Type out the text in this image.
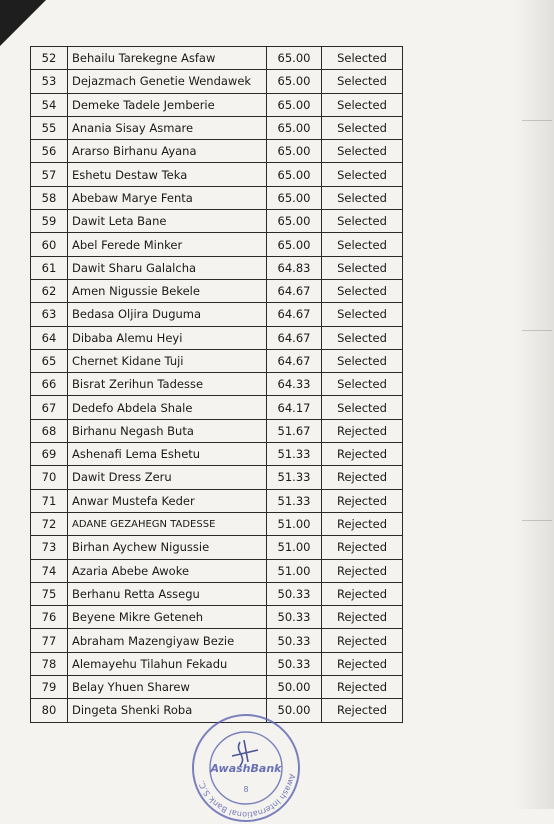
52	Behailu Tarekegne Asfaw	65.00	Selected
53	Dejazmach Genetie Wendawek	65.00	Selected
54	Demeke Tadele Jemberie	65.00	Selected
55	Anania Sisay Asmare	65.00	Selected
56	Ararso Birhanu Ayana	65.00	Selected
57	Eshetu Destaw Teka	65.00	Selected
58	Abebaw Marye Fenta	65.00	Selected
59	Dawit Leta Bane	65.00	Selected
60	Abel Ferede Minker	65.00	Selected
61	Dawit Sharu Galalcha	64.83	Selected
62	Amen Nigussie Bekele	64.67	Selected
63	Bedasa Oljira Duguma	64.67	Selected
64	Dibaba Alemu Heyi	64.67	Selected
65	Chernet Kidane Tuji	64.67	Selected
66	Bisrat Zerihun Tadesse	64.33	Selected
67	Dedefo Abdela Shale	64.17	Selected
68	Birhanu Negash Buta	51.67	Rejected
69	Ashenafi Lema Eshetu	51.33	Rejected
70	Dawit Dress Zeru	51.33	Rejected
71	Anwar Mustefa Keder	51.33	Rejected
72	ADANE GEZAHEGN TADESSE	51.00	Rejected
73	Birhan Aychew Nigussie	51.00	Rejected
74	Azaria Abebe Awoke	51.00	Rejected
75	Berhanu Retta Assegu	50.33	Rejected
76	Beyene Mikre Geteneh	50.33	Rejected
77	Abraham Mazengiyaw Bezie	50.33	Rejected
78	Alemayehu Tilahun Fekadu	50.33	Rejected
79	Belay Yhuen Sharew	50.00	Rejected
80	Dingeta Shenki Roba	50.00	Rejected
Awash International Bank S.C.
AwashBank
8
